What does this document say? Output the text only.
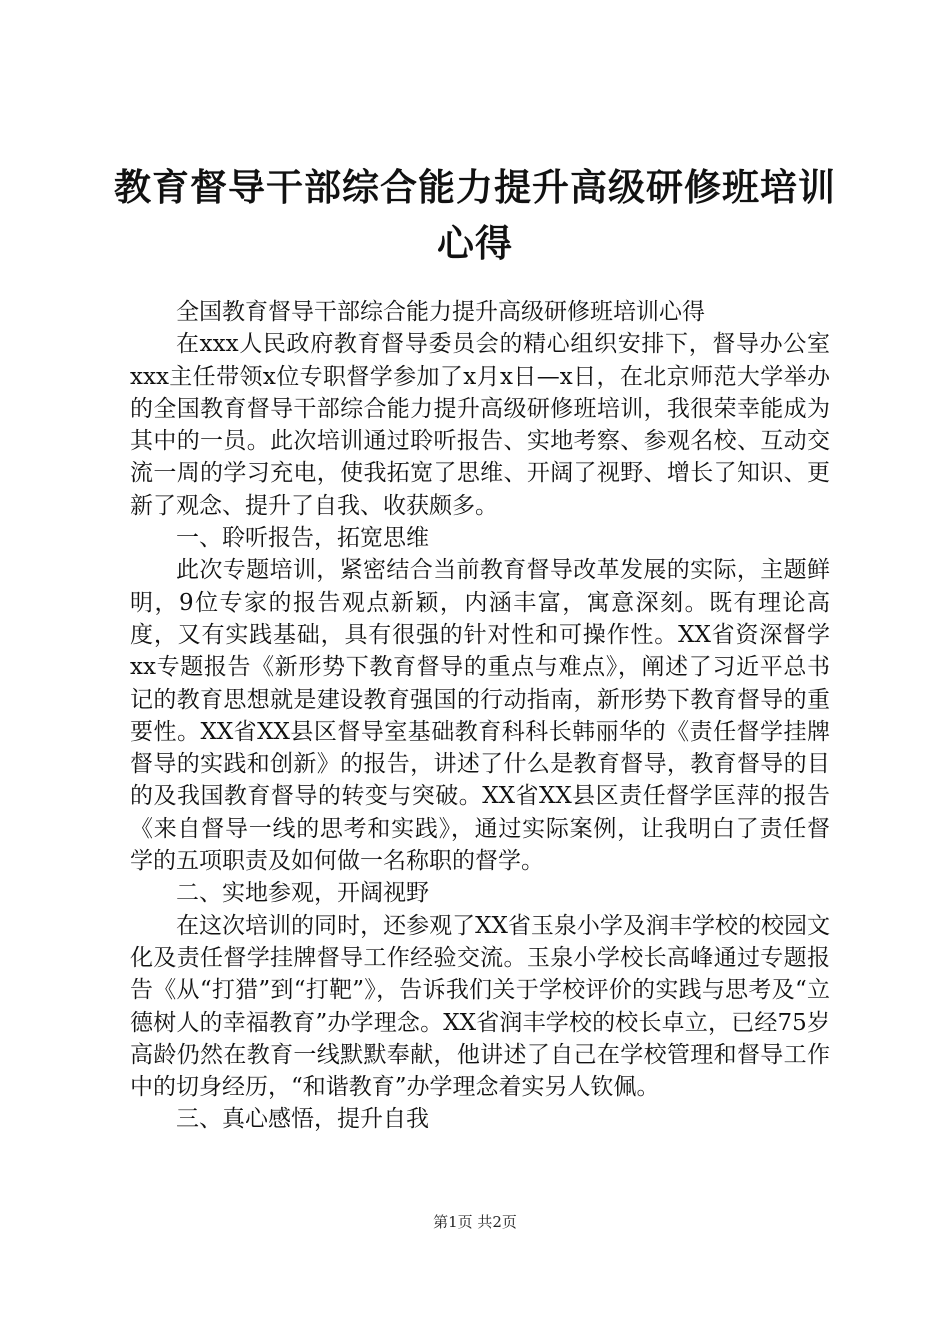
教育督导干部综合能力提升高级研修班培训心得

全国教育督导干部综合能力提升高级研修班培训心得

在xxx人民政府教育督导委员会的精心组织安排下，督导办公室xxx主任带领x位专职督学参加了x月x日—x日，在北京师范大学举办的全国教育督导干部综合能力提升高级研修班培训，我很荣幸能成为其中的一员。此次培训通过聆听报告、实地考察、参观名校、互动交流一周的学习充电，使我拓宽了思维、开阔了视野、增长了知识、更新了观念、提升了自我、收获颇多。

一、聆听报告，拓宽思维

此次专题培训，紧密结合当前教育督导改革发展的实际，主题鲜明，9位专家的报告观点新颖，内涵丰富，寓意深刻。既有理论高度，又有实践基础，具有很强的针对性和可操作性。XX省资深督学xx专题报告《新形势下教育督导的重点与难点》，阐述了习近平总书记的教育思想就是建设教育强国的行动指南，新形势下教育督导的重要性。XX省XX县区督导室基础教育科科长韩丽华的《责任督学挂牌督导的实践和创新》的报告，讲述了什么是教育督导，教育督导的目的及我国教育督导的转变与突破。XX省XX县区责任督学匡萍的报告《来自督导一线的思考和实践》，通过实际案例，让我明白了责任督学的五项职责及如何做一名称职的督学。

二、实地参观，开阔视野

在这次培训的同时，还参观了XX省玉泉小学及润丰学校的校园文化及责任督学挂牌督导工作经验交流。玉泉小学校长高峰通过专题报告《从“打猎”到“打靶”》，告诉我们关于学校评价的实践与思考及“立德树人的幸福教育”办学理念。XX省润丰学校的校长卓立，已经75岁高龄仍然在教育一线默默奉献，他讲述了自己在学校管理和督导工作中的切身经历，“和谐教育”办学理念着实另人钦佩。

三、真心感悟，提升自我

第1页 共2页
